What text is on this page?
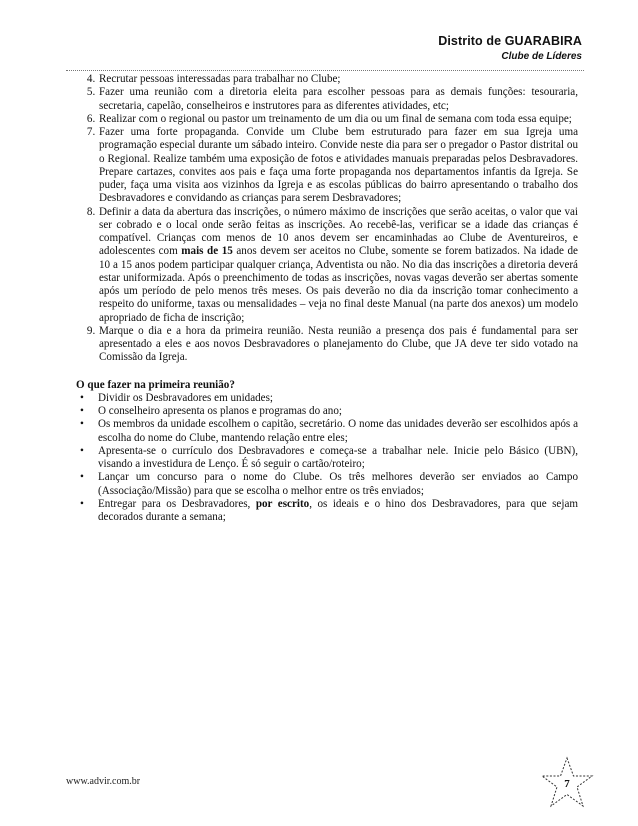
Distrito de GUARABIRA
Clube de Líderes
4. Recrutar pessoas interessadas para trabalhar no Clube;
5. Fazer uma reunião com a diretoria eleita para escolher pessoas para as demais funções: tesouraria, secretaria, capelão, conselheiros e instrutores para as diferentes atividades, etc;
6. Realizar com o regional ou pastor um treinamento de um dia ou um final de semana com toda essa equipe;
7. Fazer uma forte propaganda. Convide um Clube bem estruturado para fazer em sua Igreja uma programação especial durante um sábado inteiro. Convide neste dia para ser o pregador o Pastor distrital ou o Regional. Realize também uma exposição de fotos e atividades manuais preparadas pelos Desbravadores. Prepare cartazes, convites aos pais e faça uma forte propaganda nos departamentos infantis da Igreja. Se puder, faça uma visita aos vizinhos da Igreja e as escolas públicas do bairro apresentando o trabalho dos Desbravadores e convidando as crianças para serem Desbravadores;
8. Definir a data da abertura das inscrições, o número máximo de inscrições que serão aceitas, o valor que vai ser cobrado e o local onde serão feitas as inscrições. Ao recebê-las, verificar se a idade das crianças é compatível. Crianças com menos de 10 anos devem ser encaminhadas ao Clube de Aventureiros, e adolescentes com mais de 15 anos devem ser aceitos no Clube, somente se forem batizados. Na idade de 10 a 15 anos podem participar qualquer criança, Adventista ou não. No dia das inscrições a diretoria deverá estar uniformizada. Após o preenchimento de todas as inscrições, novas vagas deverão ser abertas somente após um período de pelo menos três meses. Os pais deverão no dia da inscrição tomar conhecimento a respeito do uniforme, taxas ou mensalidades – veja no final deste Manual (na parte dos anexos) um modelo apropriado de ficha de inscrição;
9. Marque o dia e a hora da primeira reunião. Nesta reunião a presença dos pais é fundamental para ser apresentado a eles e aos novos Desbravadores o planejamento do Clube, que JA deve ter sido votado na Comissão da Igreja.
O que fazer na primeira reunião?
• Dividir os Desbravadores em unidades;
• O conselheiro apresenta os planos e programas do ano;
• Os membros da unidade escolhem o capitão, secretário. O nome das unidades deverão ser escolhidos após a escolha do nome do Clube, mantendo relação entre eles;
• Apresenta-se o currículo dos Desbravadores e começa-se a trabalhar nele. Inicie pelo Básico (UBN), visando a investidura de Lenço. É só seguir o cartão/roteiro;
• Lançar um concurso para o nome do Clube. Os três melhores deverão ser enviados ao Campo (Associação/Missão) para que se escolha o melhor entre os três enviados;
• Entregar para os Desbravadores, por escrito, os ideais e o hino dos Desbravadores, para que sejam decorados durante a semana;
www.advir.com.br	7
